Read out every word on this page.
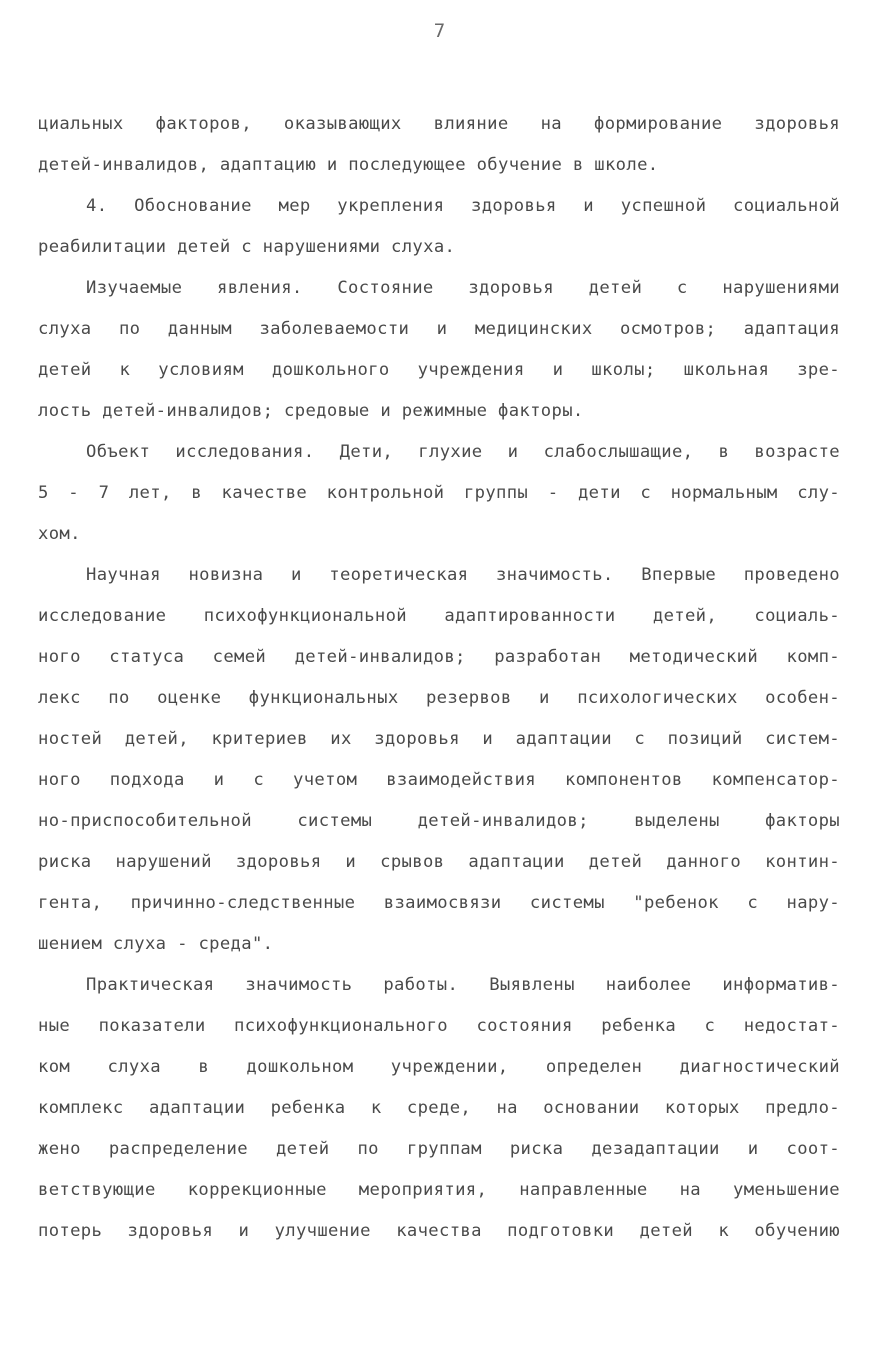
7
циальных факторов, оказывающих влияние на формирование здоровья
детей-инвалидов, адаптацию и последующее обучение в школе.
4. Обоснование мер укрепления здоровья и успешной социальной
реабилитации детей с нарушениями слуха.
Изучаемые явления. Состояние здоровья детей с нарушениями
слуха по данным заболеваемости и медицинских осмотров; адаптация
детей к условиям дошкольного учреждения и школы; школьная зре-
лость детей-инвалидов; средовые и режимные факторы.
Объект исследования. Дети, глухие и слабослышащие, в возрасте
5 - 7 лет, в качестве контрольной группы - дети с нормальным слу-
хом.
Научная новизна и теоретическая значимость. Впервые проведено
исследование психофункциональной адаптированности детей, социаль-
ного статуса семей детей-инвалидов; разработан методический комп-
лекс по оценке функциональных резервов и психологических особен-
ностей детей, критериев их здоровья и адаптации с позиций систем-
ного подхода и с учетом взаимодействия компонентов компенсатор-
но-приспособительной системы детей-инвалидов; выделены факторы
риска нарушений здоровья и срывов адаптации детей данного контин-
гента, причинно-следственные взаимосвязи системы "ребенок с нару-
шением слуха - среда".
Практическая значимость работы. Выявлены наиболее информатив-
ные показатели психофункционального состояния ребенка с недостат-
ком слуха в дошкольном учреждении, определен диагностический
комплекс адаптации ребенка к среде, на основании которых предло-
жено распределение детей по группам риска дезадаптации и соот-
ветствующие коррекционные мероприятия, направленные на уменьшение
потерь здоровья и улучшение качества подготовки детей к обучению
